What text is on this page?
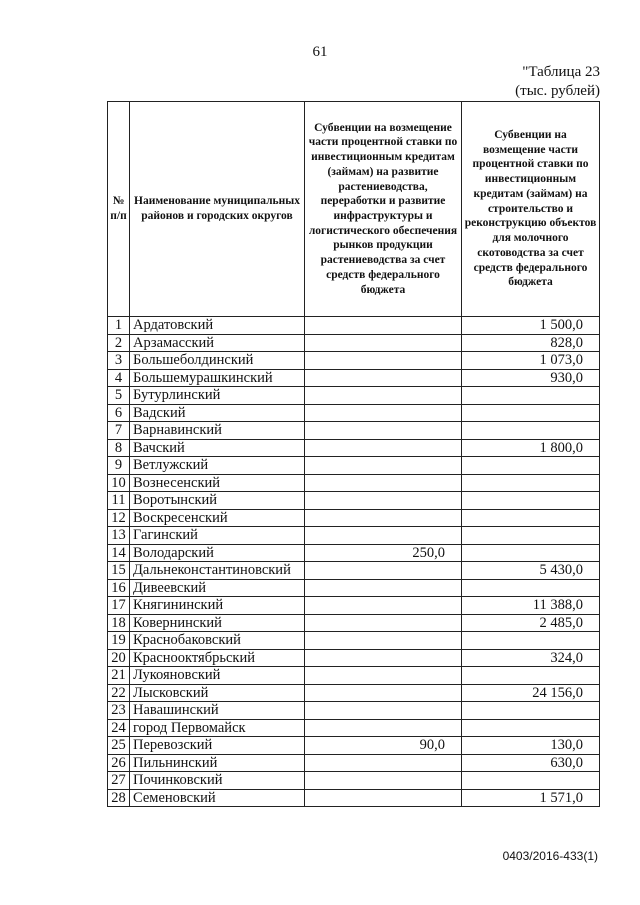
61
"Таблица 23
(тыс. рублей)
№ п/п	Наименование муниципальных районов и городских округов	Субвенции на возмещение части процентной ставки по инвестиционным кредитам (займам) на развитие растениеводства, переработки и развитие инфраструктуры и логистического обеспечения рынков продукции растениеводства за счет средств федерального бюджета	Субвенции на возмещение части процентной ставки по инвестиционным кредитам (займам) на строительство и реконструкцию объектов для молочного скотоводства за счет средств федерального бюджета
1	Ардатовский		1 500,0
2	Арзамасский		828,0
3	Большеболдинский		1 073,0
4	Большемурашкинский		930,0
5	Бутурлинский		
6	Вадский		
7	Варнавинский		
8	Вачский		1 800,0
9	Ветлужский		
10	Вознесенский		
11	Воротынский		
12	Воскресенский		
13	Гагинский		
14	Володарский	250,0	
15	Дальнеконстантиновский		5 430,0
16	Дивеевский		
17	Княгининский		11 388,0
18	Ковернинский		2 485,0
19	Краснобаковский		
20	Краснооктябрьский		324,0
21	Лукояновский		
22	Лысковский		24 156,0
23	Навашинский		
24	город Первомайск		
25	Перевозский	90,0	130,0
26	Пильнинский		630,0
27	Починковский		
28	Семеновский		1 571,0
0403/2016-433(1)
